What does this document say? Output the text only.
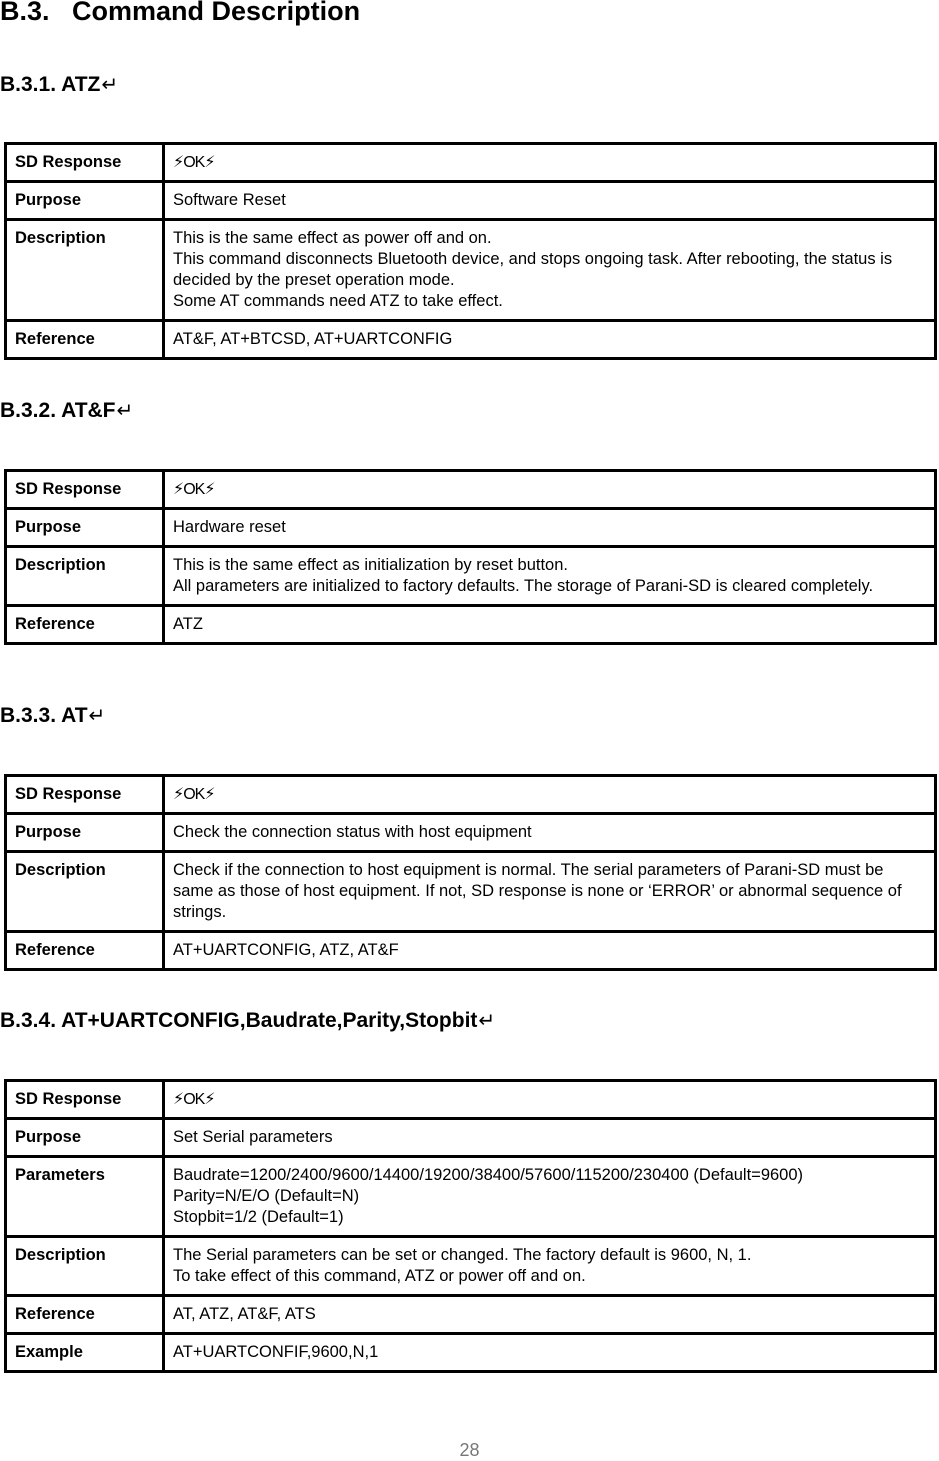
B.3.   Command Description
B.3.1. ATZ↵
SD Response	⚡OK⚡
Purpose	Software Reset
Description	This is the same effect as power off and on.
This command disconnects Bluetooth device, and stops ongoing task. After rebooting, the status is decided by the preset operation mode.
Some AT commands need ATZ to take effect.

Reference	AT&F, AT+BTCSD, AT+UARTCONFIG
B.3.2. AT&F↵
SD Response	⚡OK⚡
Purpose	Hardware reset
Description	This is the same effect as initialization by reset button.
All parameters are initialized to factory defaults. The storage of Parani-SD is cleared completely.

Reference	ATZ
B.3.3. AT↵
SD Response	⚡OK⚡
Purpose	Check the connection status with host equipment
Description	Check if the connection to host equipment is normal. The serial parameters of Parani-SD must be same as those of host equipment. If not, SD response is none or ‘ERROR’ or abnormal sequence of strings.
Reference	AT+UARTCONFIG, ATZ, AT&F
B.3.4. AT+UARTCONFIG,Baudrate,Parity,Stopbit↵
SD Response	⚡OK⚡
Purpose	Set Serial parameters
Parameters	Baudrate=1200/2400/9600/14400/19200/38400/57600/115200/230400 (Default=9600)
Parity=N/E/O (Default=N)
Stopbit=1/2 (Default=1)

Description	The Serial parameters can be set or changed. The factory default is 9600, N, 1.
To take effect of this command, ATZ or power off and on.

Reference	AT, ATZ, AT&F, ATS
Example	AT+UARTCONFIF,9600,N,1
28
